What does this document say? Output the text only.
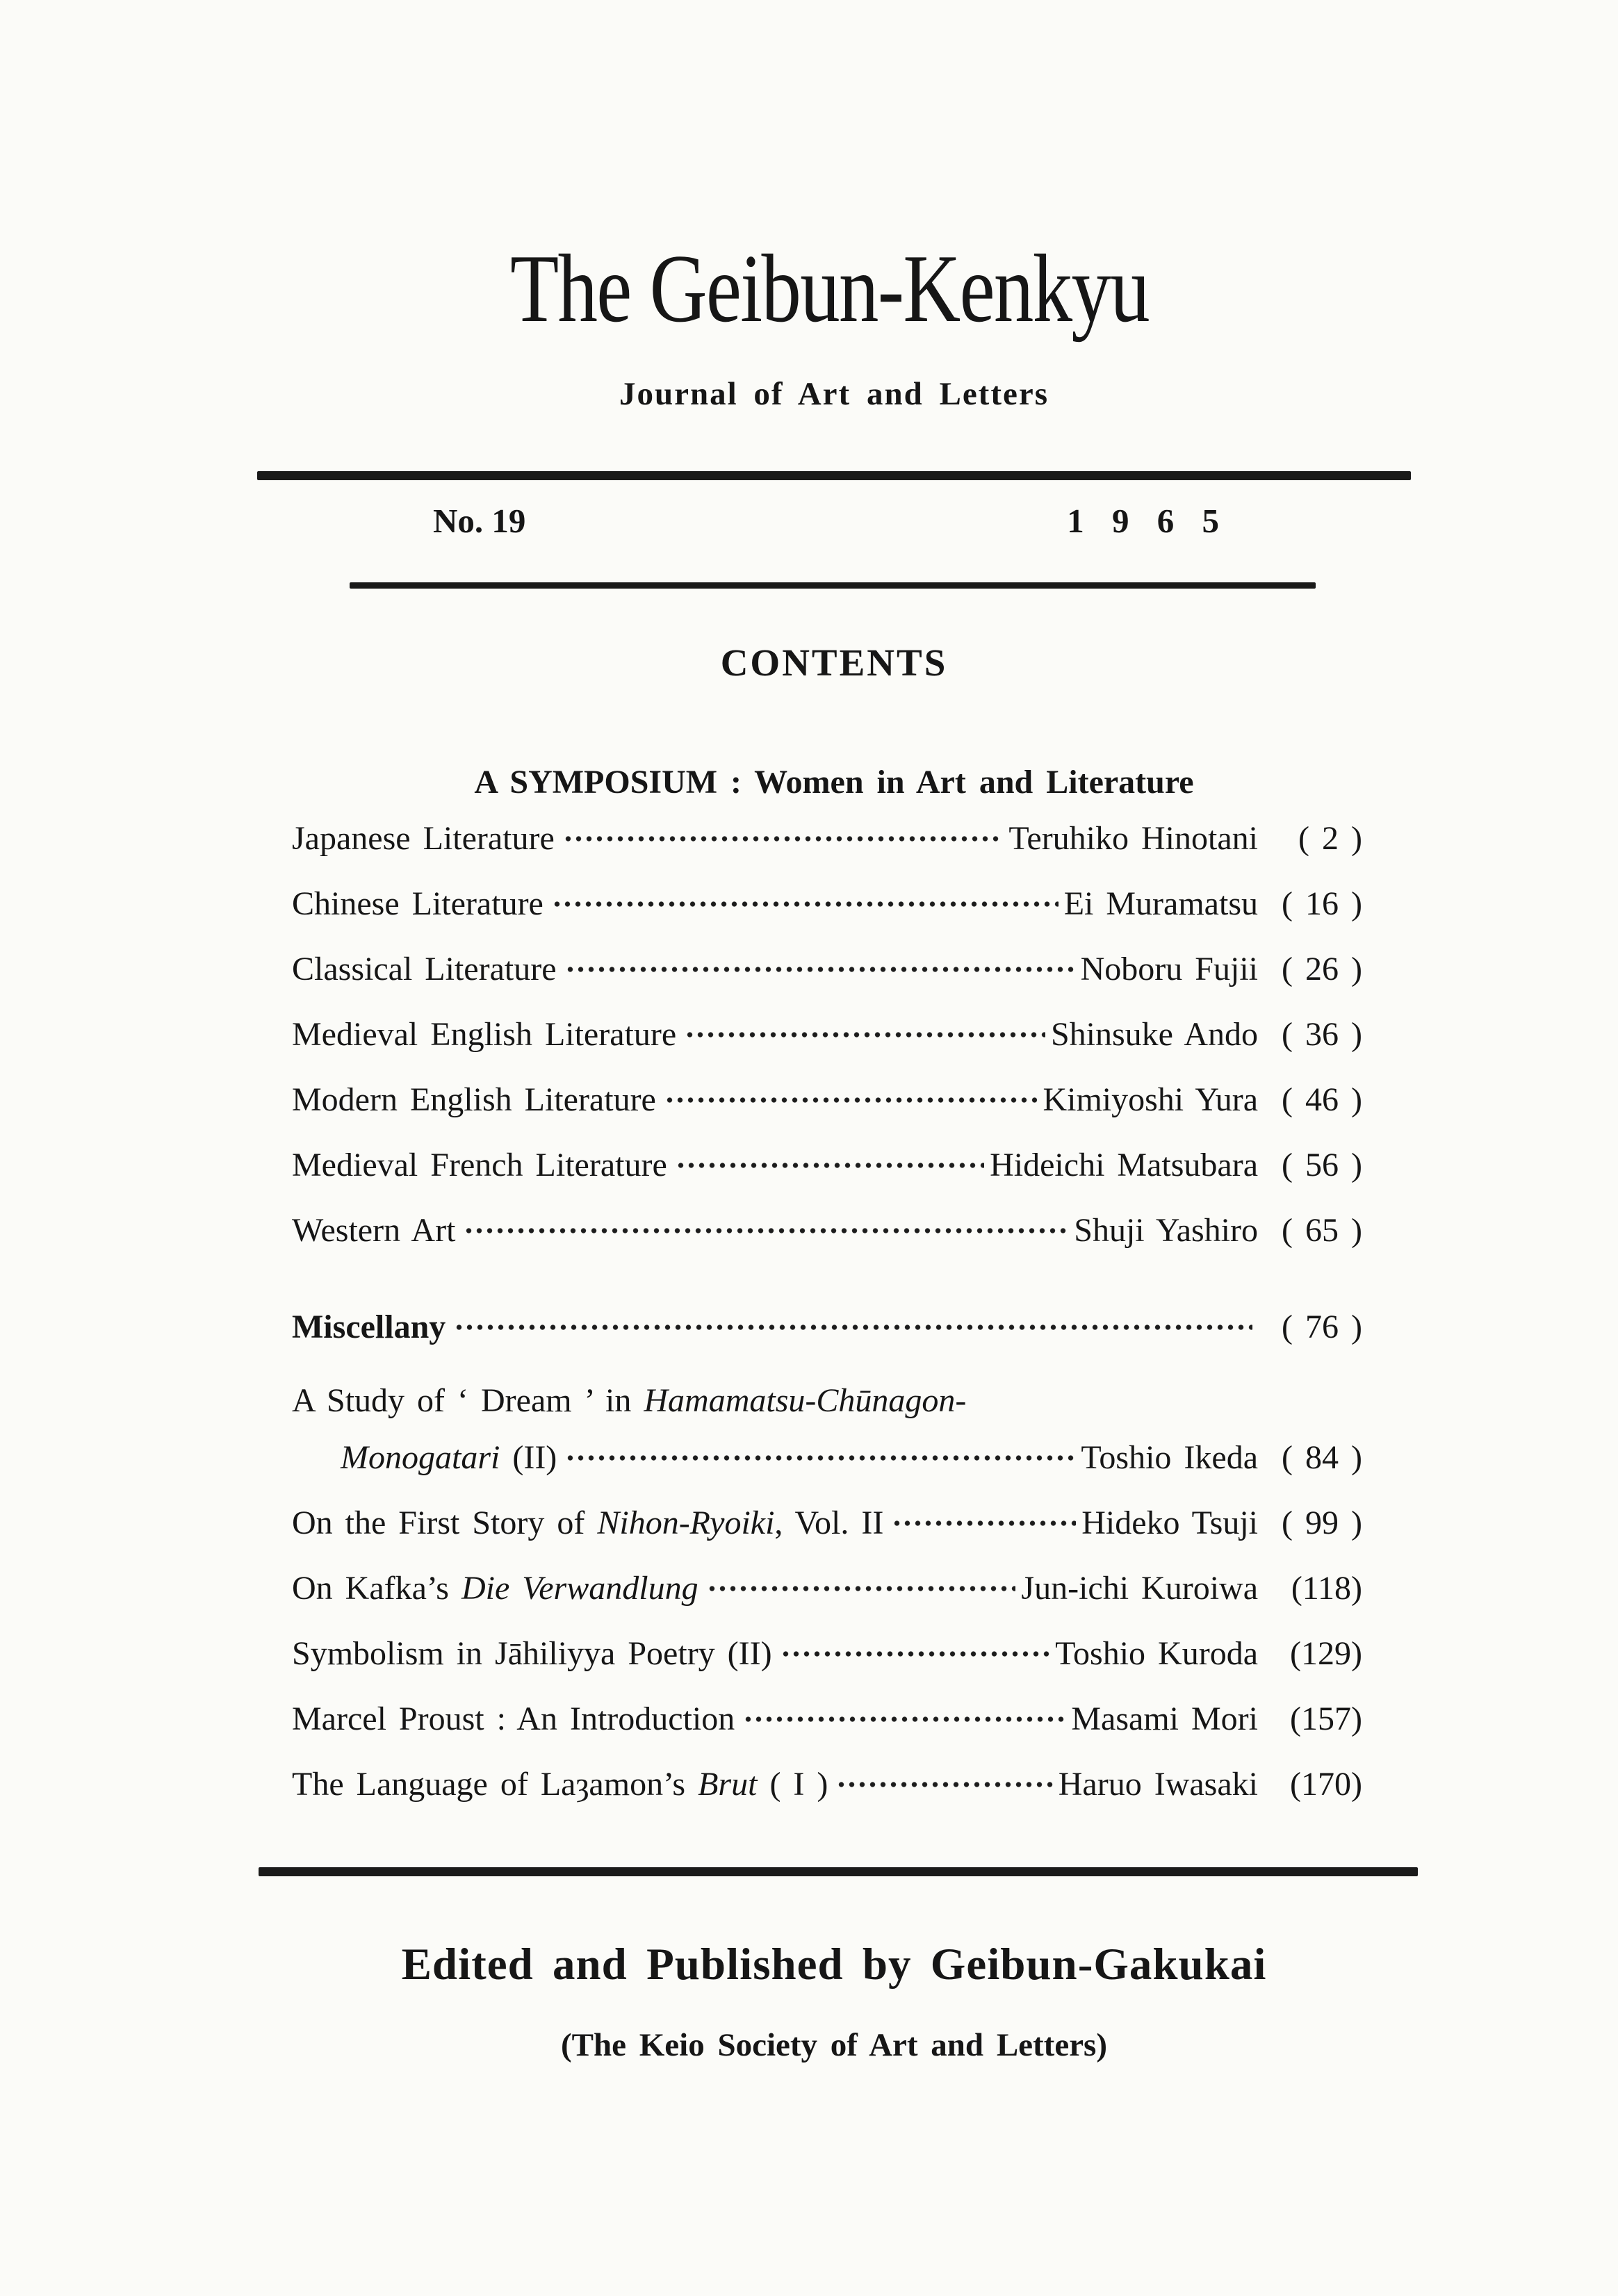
The Geibun-Kenkyu
Journal of Art and Letters
No. 19	1 9 6 5
CONTENTS
A SYMPOSIUM : Women in Art and Literature
Japanese Literature	Teruhiko Hinotani	( 2 )
Chinese Literature	Ei Muramatsu ( 16 )
Classical Literature	Noboru Fujii ( 26 )
Medieval English Literature	Shinsuke Ando ( 36 )
Modern English Literature	Kimiyoshi Yura ( 46 )
Medieval French Literature	Hideichi Matsubara ( 56 )
Western Art	Shuji Yashiro ( 65 )
Miscellany	( 76 )
A Study of ‘ Dream ’ in Hamamatsu-Chūnagon-
Monogatari (II)	Toshio Ikeda ( 84 )
On the First Story of Nihon-Ryoiki, Vol. II	Hideko Tsuji ( 99 )
On Kafka’s Die Verwandlung	Jun-ichi Kuroiwa (118)
Symbolism in Jāhiliyya Poetry (II)	Toshio Kuroda (129)
Marcel Proust : An Introduction	Masami Mori (157)
The Language of Laȝamon’s Brut ( I )	Haruo Iwasaki (170)
Edited and Published by Geibun-Gakukai
(The Keio Society of Art and Letters)
